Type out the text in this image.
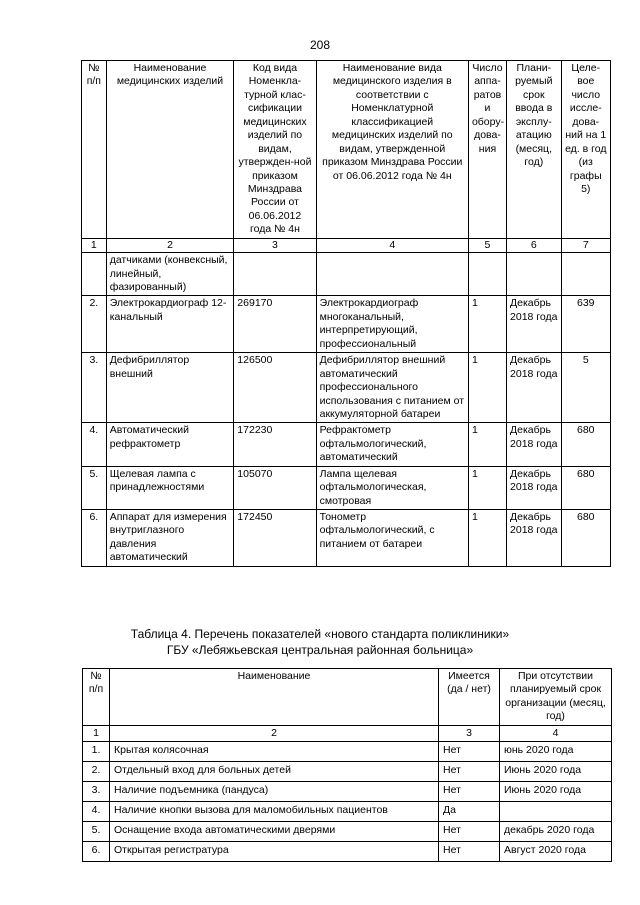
208
№ п/п	Наименование медицинских изделий	Код вида Номенкла-турной клас-сификации медицинских изделий по видам, утвержден-ной приказом Минздрава России от 06.06.2012 года № 4н	Наименование вида медицинского изделия в соответствии с Номенклатурной классификацией медицинских изделий по видам, утвержденной приказом Минздрава России от 06.06.2012 года № 4н	Число аппа-ратов и обору-дова-ния	Плани-руемый срок ввода в эксплу-атацию (месяц, год)	Целе-вое число иссле-дова-ний на 1 ед. в год (из графы 5)
1	2	3	4	5	6	7
	датчиками (конвексный, линейный, фазированный)					
2.	Электрокардиограф 12-канальный	269170	Электрокардиограф многоканальный, интерпретирующий, профессиональный	1	Декабрь 2018 года	639
3.	Дефибриллятор внешний	126500	Дефибриллятор внешний автоматический профессионального использования с питанием от аккумуляторной батареи	1	Декабрь 2018 года	5
4.	Автоматический рефрактометр	172230	Рефрактометр офтальмологический, автоматический	1	Декабрь 2018 года	680
5.	Щелевая лампа с принадлежностями	105070	Лампа щелевая офтальмологическая, смотровая	1	Декабрь 2018 года	680
6.	Аппарат для измерения внутриглазного давления автоматический	172450	Тонометр офтальмологический, с питанием от батареи	1	Декабрь 2018 года	680
Таблица 4. Перечень показателей «нового стандарта поликлиники»
ГБУ «Лебяжьевская центральная районная больница»
№ п/п	Наименование	Имеется (да / нет)	При отсутствии планируемый срок организации (месяц, год)
1	2	3	4
1.	Крытая колясочная	Нет	юнь 2020 года
2.	Отдельный вход для больных детей	Нет	Июнь 2020 года
3.	Наличие подъемника (пандуса)	Нет	Июнь 2020 года
4.	Наличие кнопки вызова для маломобильных пациентов	Да	
5.	Оснащение входа автоматическими дверями	Нет	декабрь 2020 года
6.	Открытая регистратура	Нет	Август 2020 года
